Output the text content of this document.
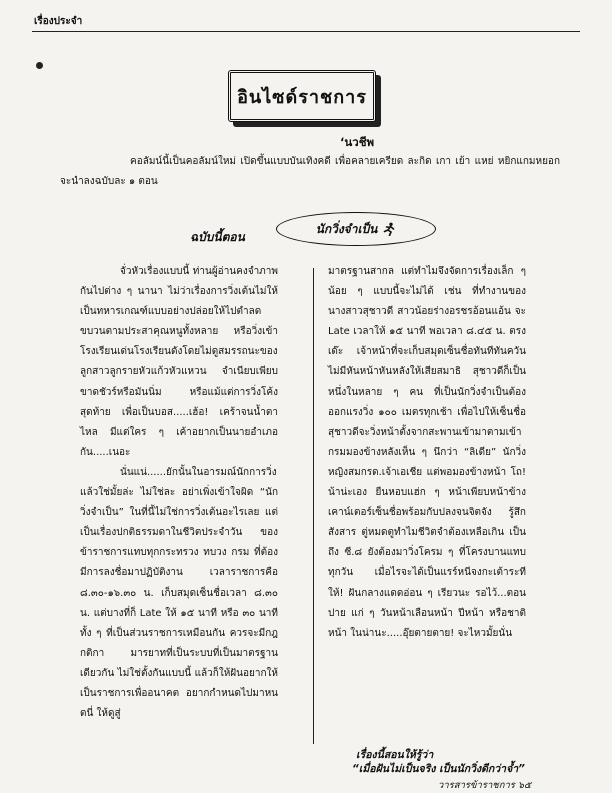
เรื่องประจำ
อินไซด์ราชการ
‘นวชีพ

คอลัมน์นี้เป็นคอลัมน์ใหม่ เปิดขึ้นแบบบันเทิงคดี เพื่อคลายเครียด ละกิด เกา เย้า แหย่ หยิกแกมหยอก จะนำลงฉบับละ ๑ ตอน

ฉบับนี้ตอน
นักวิ่งจำเป็น

จั่วหัวเรื่องแบบนี้ ท่านผู้อ่านคงจำภาพกันไปต่าง ๆ นานา ไม่ว่าเรื่องการวิ่งเต้นไม่ให้เป็นทหารเกณฑ์แบบอย่างปล่อยให้ไปตำลดขบวนตามประสาคุณหนูทั้งหลาย หรือวิ่งเข้าโรงเรียนเด่นโรงเรียนดังโดยไม่ดูสมรรถนะของลูกสาวลูกรายหัวแก้วหัวแหวน จำเนียบเพียบขาดชัวร์หรือมันนิ่ม หรือแม้แต่การวิ่งโค้งสุดท้าย เพื่อเป็นบอส.....เฮ้อ! เคร้าจนน้ำตาไหล มีแต่ใคร ๆ เค้าอยากเป็นนายอำเภอกัน.....เนอะ

นั่นแน่......ยักนั้นในอารมณ์นักการวิ่งแล้วใช่มั้ยล่ะ ไม่ใช่ละ อย่าเพิ่งเข้าใจผิด “นักวิ่งจำเป็น” ในที่นี้ไม่ใช่การวิ่งเต้นอะไรเลย แต่เป็นเรื่องปกติธรรมดาในชีวิตประจำวัน ของข้าราชการแทบทุกกระทรวง ทบวง กรม ที่ต้องมีการลงชื่อมาปฏิบัติงาน เวลาราชการคือ ๘.๓๐-๑๖.๓๐ น. เก็บสมุดเซ็นชื่อเวลา ๘.๓๐ น. แต่บางที่ก็ Late ให้ ๑๕ นาที หรือ ๓๐ นาที ทั้ง ๆ ที่เป็นส่วนราชการเหมือนกัน ควรจะมีกฎ กติกา มารยาทที่เป็นระบบที่เป็นมาตรฐานเดียวกัน ไม่ใช่ตั้งกันแบบนี้ แล้วก็ให้ฝันอยากให้เป็นราชการเพื่ออนาคต อยากกำหนดไปมาหนดนี่ ให้ดูสู่

มาตรฐานสากล แต่ทำไมจึงจัดการเรื่องเล็ก ๆ น้อย ๆ แบบนี้จะไม่ได้ เช่น ที่ทำงานของนางสาวสุชาวดี สาวน้อยร่างอรชรอ้อนแอ้น จะ Late เวลาให้ ๑๕ นาที พอเวลา ๘.๔๕ น. ตรงเด๊ะ เจ้าหน้าที่จะเก็บสมุดเซ็นชื่อทันทีทันควันไม่มีหันหน้าหันหลังให้เสียสมาธิ สุชาวดีก็เป็นหนึ่งในหลาย ๆ คน ที่เป็นนักวิ่งจำเป็นต้องออกแรงวิ่ง ๑๐๐ เมตรทุกเช้า เพื่อไปให้เซ็นชื่อสุชาวดีจะวิ่งหน้าตั้งจากสะพานเข้ามาตามเข้ากรมมองข้างหลังเห็น ๆ นึกว่า “ลิเดีย” นักวิ่งหญิงสมกรด.เจ้าเอเชีย แต่พอมองข้างหน้า โถ! น้าน่ะเอง ยืนหอบแฮ่ก ๆ หน้าเพียบหน้าข้างเคาน์เตอร์เซ็นชื่อพร้อมกับปลงจนจิตจัง รู้สึกสังสาร ตู่หมดตูทำไมชีวิตจำต้องเหลือเกิน เป็นถึง ซี.๘ ยังต้องมาวิ่งโครม ๆ ที่โครงบานแทบทุกวัน เมื่อไรจะได้เป็นแรร์หนีจงกะเต้าระที ให้! ฝันกลางแดดอ่อน ๆ เรียวนะ รอไว้...ตอนปาย แก่ ๆ วันหน้าเลือนหน้า ปีหน้า หรือชาติหน้า ในน่านะ.....อุ๊ยตายตาย! จะไหวมั้ยนั่น

เรื่องนี้สอนให้รู้ว่า
“เมื่อฝันไม่เป็นจริง เป็นนักวิ่งดีกว่าจ้ำ”
วารสารข้าราชการ ๖๕
